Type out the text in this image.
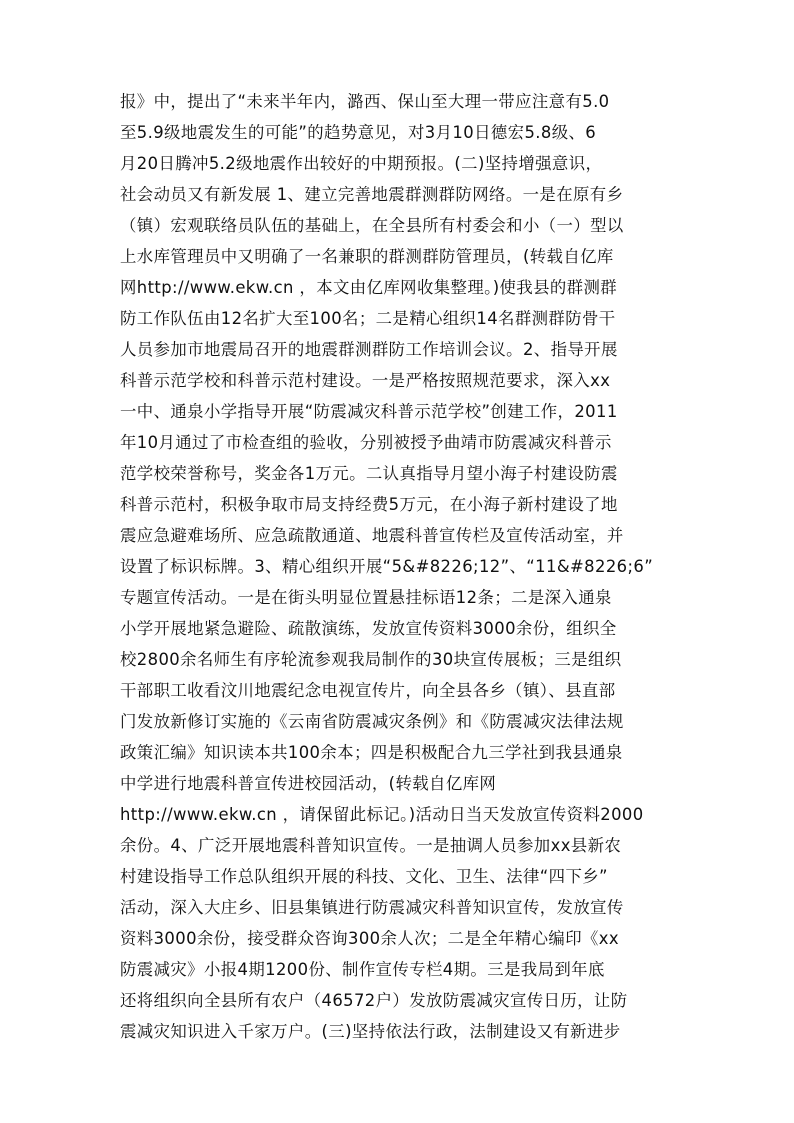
报》中，提出了“未来半年内，潞西、保山至大理一带应注意有5.0
至5.9级地震发生的可能”的趋势意见，对3月10日德宏5.8级、6
月20日腾冲5.2级地震作出较好的中期预报。(二)坚持增强意识，
社会动员又有新发展 1、建立完善地震群测群防网络。一是在原有乡
（镇）宏观联络员队伍的基础上，在全县所有村委会和小（一）型以
上水库管理员中又明确了一名兼职的群测群防管理员，(转载自亿库
网http://www.ekw.cn ，本文由亿库网收集整理。)使我县的群测群
防工作队伍由12名扩大至100名；二是精心组织14名群测群防骨干
人员参加市地震局召开的地震群测群防工作培训会议。2、指导开展
科普示范学校和科普示范村建设。一是严格按照规范要求，深入xx
一中、通泉小学指导开展“防震减灾科普示范学校”创建工作，2011
年10月通过了市检查组的验收，分别被授予曲靖市防震减灾科普示
范学校荣誉称号，奖金各1万元。二认真指导月望小海子村建设防震
科普示范村，积极争取市局支持经费5万元，在小海子新村建设了地
震应急避难场所、应急疏散通道、地震科普宣传栏及宣传活动室，并
设置了标识标牌。3、精心组织开展“5&#8226;12”、“11&#8226;6”
专题宣传活动。一是在街头明显位置悬挂标语12条；二是深入通泉
小学开展地紧急避险、疏散演练，发放宣传资料3000余份，组织全
校2800余名师生有序轮流参观我局制作的30块宣传展板；三是组织
干部职工收看汶川地震纪念电视宣传片，向全县各乡（镇）、县直部
门发放新修订实施的《云南省防震减灾条例》和《防震减灾法律法规
政策汇编》知识读本共100余本；四是积极配合九三学社到我县通泉
中学进行地震科普宣传进校园活动，(转载自亿库网
http://www.ekw.cn ，请保留此标记。)活动日当天发放宣传资料2000
余份。4、广泛开展地震科普知识宣传。一是抽调人员参加xx县新农
村建设指导工作总队组织开展的科技、文化、卫生、法律“四下乡”
活动，深入大庄乡、旧县集镇进行防震减灾科普知识宣传，发放宣传
资料3000余份，接受群众咨询300余人次；二是全年精心编印《xx
防震减灾》小报4期1200份、制作宣传专栏4期。三是我局到年底
还将组织向全县所有农户（46572户）发放防震减灾宣传日历，让防
震减灾知识进入千家万户。(三)坚持依法行政，法制建设又有新进步
